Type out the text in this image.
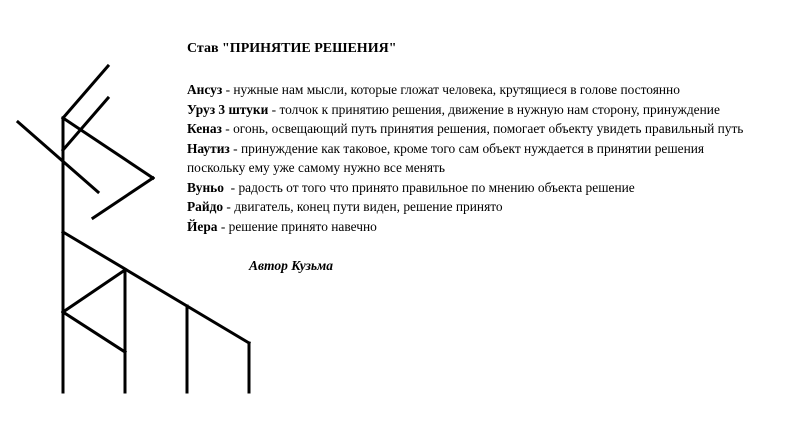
Став "ПРИНЯТИЕ РЕШЕНИЯ"
Ансуз - нужные нам мысли, которые гложат человека, крутящиеся в голове постоянно
Уруз 3 штуки - толчок к принятию решения, движение в нужную нам сторону, принуждение
Кеназ - огонь, освещающий путь принятия решения, помогает объекту увидеть правильный путь
Наутиз - принуждение как таковое, кроме того сам объект нуждается в принятии решения
поскольку ему уже самому нужно все менять
Вуньо  - радость от того что принято правильное по мнению объекта решение
Райдо - двигатель, конец пути виден, решение принято
Йера - решение принято навечно
Автор Кузьма
